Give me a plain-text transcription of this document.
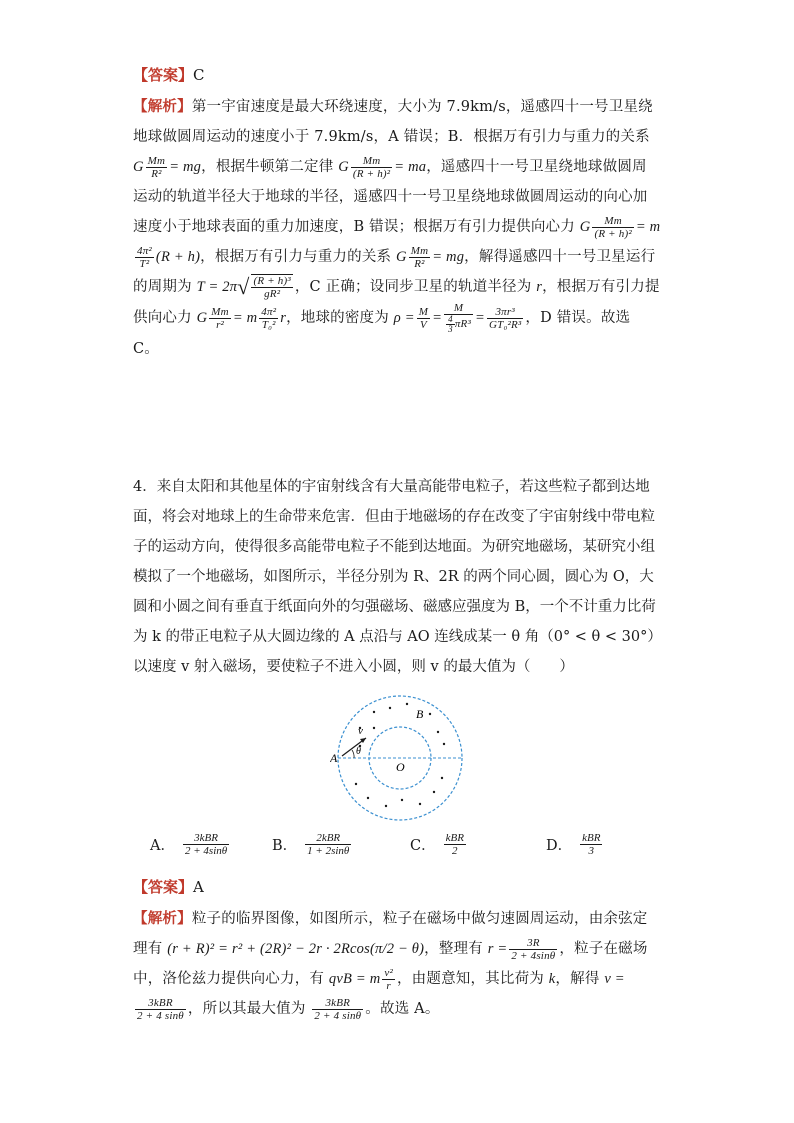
【答案】C
【解析】第一宇宙速度是最大环绕速度，大小为 7.9km/s，遥感四十一号卫星绕地球做圆周运动的速度小于 7.9km/s，A 错误；B．根据万有引力与重力的关系 G $\frac{Mm}{\text{R²}}$ = mg，根据牛顿第二定律 G $\frac{Mm}{\text{(R + h)²}}$ = ma，遥感四十一号卫星绕地球做圆周运动的轨道半径大于地球的半径，遥感四十一号卫星绕地球做圆周运动的向心加速度小于地球表面的重力加速度，B 错误；根据万有引力提供向心力 G $\frac{Mm}{\text{(R + h)²}} = m$
$\frac{\text{4π²}}{\text{T²}} (R + h)$，根据万有引力与重力的关系 G $\frac{Mm}{\text{R²}}$ = mg，解得遥感四十一号卫星运行的周期为 $T = 2\pi√ \frac{\text{(R + h)³}}{\text{gR²}}$ ，C 正确；设同步卫星的轨道半径为 r，根据万有引力提供向心力 G $\frac{Mm}{\text{r²}} = m \frac{\text{4π²}}{\text{T₀²}}$ r，地球的密度为 $\rho = \frac{M}{V} = \frac{M}{\frac{4}{3} \pi R^3} = \frac{\text{3πr³}}{\text{GT₀²R³}}$ ，D 错误。故选 C。
4．来自太阳和其他星体的宇宙射线含有大量高能带电粒子，若这些粒子都到达地面，将会对地球上的生命带来危害．但由于地磁场的存在改变了宇宙射线中带电粒子的运动方向，使得很多高能带电粒子不能到达地面。为研究地磁场，某研究小组模拟了一个地磁场，如图所示，半径分别为 R、2R 的两个同心圆，圆心为 O，大圆和小圆之间有垂直于纸面向外的匀强磁场、磁感应强度为 B，一个不计重力比荷为 k 的带正电粒子从大圆边缘的 A 点沿与 AO 连线成某一 θ 角（0° < θ < 30°）以速度 v 射入磁场，要使粒子不进入小圆，则 v 的最大值为（　　）
A
B
O
v
θ
A． $\frac{\text{3kBR}}{2 + 4\sin\theta}$	B． $\frac{\text{2kBR}}{1 + 2\sin\theta}$	C． $\frac{\text{kBR}}{2}$	D． $\frac{\text{kBR}}{3}$
【答案】A
【解析】粒子的临界图像，如图所示，粒子在磁场中做匀速圆周运动，由余弦定理有 (r + R)² = r² + (2R)² − 2r · 2Rcos(π/2 − θ)，整理有 $r = \frac{3R}{2 + 4\sin\theta}$ ，粒子在磁场中，洛伦兹力提供向心力，有 qvB = m $\frac{\text{v²}}{r}$ ，由题意知，其比荷为 k，解得 v =
$\frac{\text{3kBR}}{2 + 4 \sin\theta}$ ，所以其最大值为 $\frac{\text{3kBR}}{2 + 4 \sin\theta}$ 。故选 A。
